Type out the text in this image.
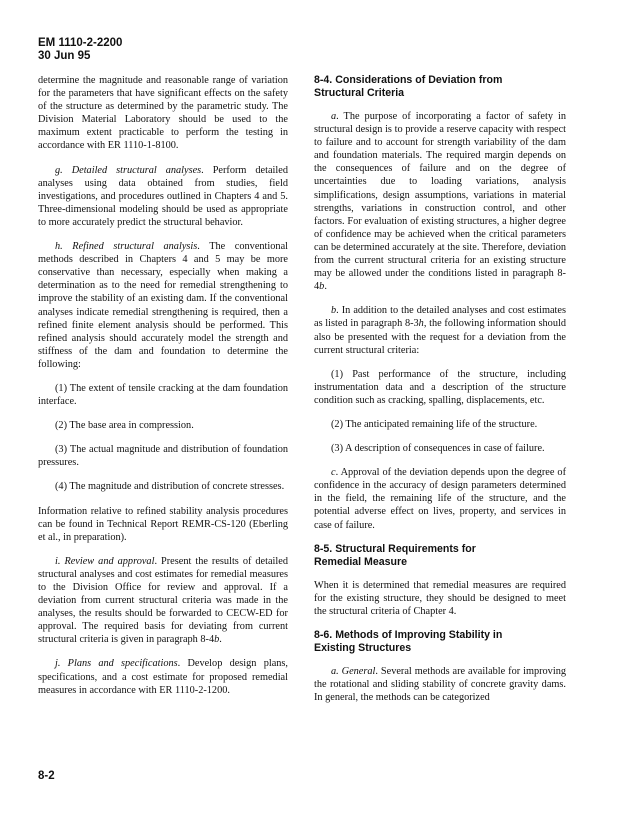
EM 1110-2-2200
30 Jun 95

determine the magnitude and reasonable range of variation for the parameters that have significant effects on the safety of the structure as determined by the parametric study. The Division Material Laboratory should be used to the maximum extent practicable to perform the testing in accordance with ER 1110-1-8100.

g. Detailed structural analyses. Perform detailed analyses using data obtained from studies, field investigations, and procedures outlined in Chapters 4 and 5. Three-dimensional modeling should be used as appropriate to more accurately predict the structural behavior.

h. Refined structural analysis. The conventional methods described in Chapters 4 and 5 may be more conservative than necessary, especially when making a determination as to the need for remedial strengthening to improve the stability of an existing dam. If the conventional analyses indicate remedial strengthening is required, then a refined finite element analysis should be performed. This refined analysis should accurately model the strength and stiffness of the dam and foundation to determine the following:

(1) The extent of tensile cracking at the dam foundation interface.

(2) The base area in compression.

(3) The actual magnitude and distribution of foundation pressures.

(4) The magnitude and distribution of concrete stresses.

Information relative to refined stability analysis procedures can be found in Technical Report REMR-CS-120 (Eberling et al., in preparation).

i. Review and approval. Present the results of detailed structural analyses and cost estimates for remedial measures to the Division Office for review and approval. If a deviation from current structural criteria was made in the analyses, the results should be forwarded to CECW-ED for approval. The required basis for deviating from current structural criteria is given in paragraph 8-4b.

j. Plans and specifications. Develop design plans, specifications, and a cost estimate for proposed remedial measures in accordance with ER 1110-2-1200.

8-4. Considerations of Deviation from
Structural Criteria

a. The purpose of incorporating a factor of safety in structural design is to provide a reserve capacity with respect to failure and to account for strength variability of the dam and foundation materials. The required margin depends on the consequences of failure and on the degree of uncertainties due to loading variations, analysis simplifications, design assumptions, variations in material strengths, variations in construction control, and other factors. For evaluation of existing structures, a higher degree of confidence may be achieved when the critical parameters can be determined accurately at the site. Therefore, deviation from the current structural criteria for an existing structure may be allowed under the conditions listed in paragraph 8-4b.

b. In addition to the detailed analyses and cost estimates as listed in paragraph 8-3h, the following information should also be presented with the request for a deviation from the current structural criteria:

(1) Past performance of the structure, including instrumentation data and a description of the structure condition such as cracking, spalling, displacements, etc.

(2) The anticipated remaining life of the structure.

(3) A description of consequences in case of failure.

c. Approval of the deviation depends upon the degree of confidence in the accuracy of design parameters determined in the field, the remaining life of the structure, and the potential adverse effect on lives, property, and services in case of failure.

8-5. Structural Requirements for
Remedial Measure

When it is determined that remedial measures are required for the existing structure, they should be designed to meet the structural criteria of Chapter 4.

8-6. Methods of Improving Stability in
Existing Structures

a. General. Several methods are available for improving the rotational and sliding stability of concrete gravity dams. In general, the methods can be categorized

8-2
